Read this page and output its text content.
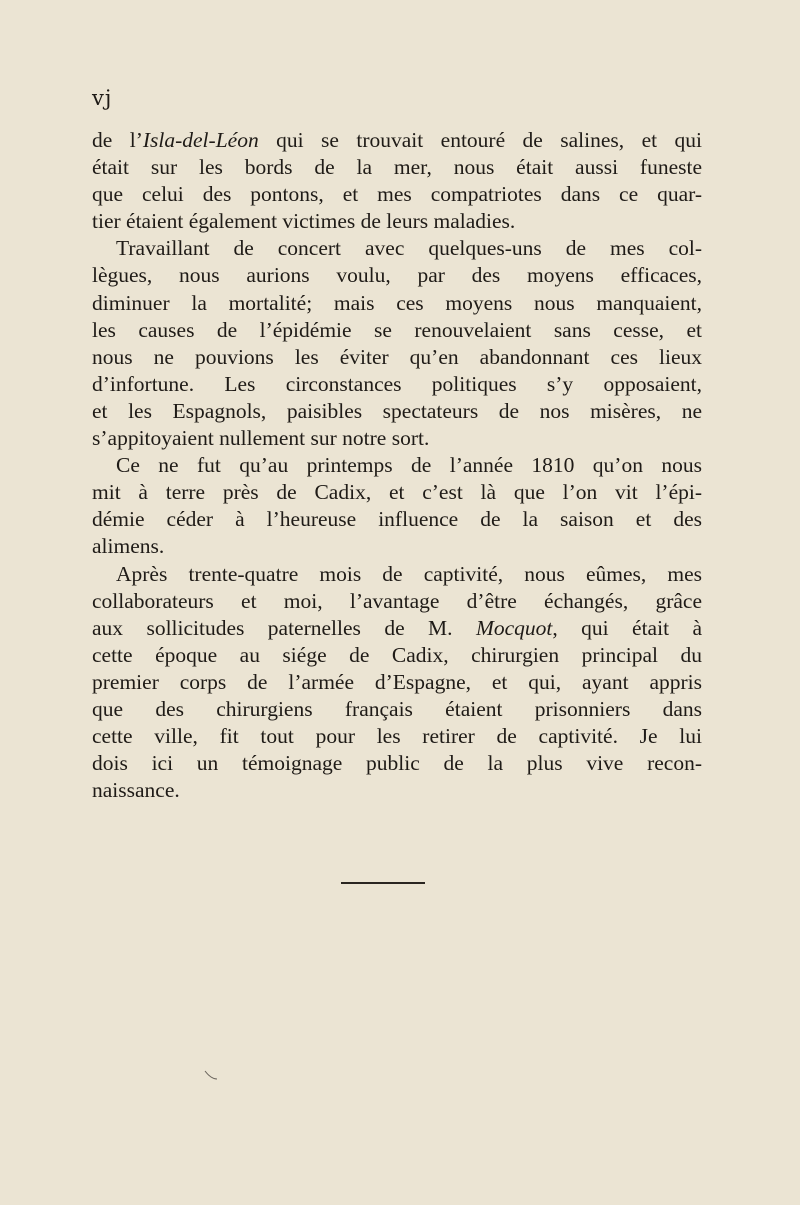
vj
de l’Isla-del-Léon qui se trouvait entouré de salines, et qui
était sur les bords de la mer, nous était aussi funeste
que celui des pontons, et mes compatriotes dans ce quar-
tier étaient également victimes de leurs maladies.
Travaillant de concert avec quelques-uns de mes col-
lègues, nous aurions voulu, par des moyens efficaces,
diminuer la mortalité; mais ces moyens nous manquaient,
les causes de l’épidémie se renouvelaient sans cesse, et
nous ne pouvions les éviter qu’en abandonnant ces lieux
d’infortune. Les circonstances politiques s’y opposaient,
et les Espagnols, paisibles spectateurs de nos misères, ne
s’appitoyaient nullement sur notre sort.
Ce ne fut qu’au printemps de l’année 1810 qu’on nous
mit à terre près de Cadix, et c’est là que l’on vit l’épi-
démie céder à l’heureuse influence de la saison et des
alimens.
Après trente-quatre mois de captivité, nous eûmes, mes
collaborateurs et moi, l’avantage d’être échangés, grâce
aux sollicitudes paternelles de M. Mocquot, qui était à
cette époque au siége de Cadix, chirurgien principal du
premier corps de l’armée d’Espagne, et qui, ayant appris
que des chirurgiens français étaient prisonniers dans
cette ville, fit tout pour les retirer de captivité. Je lui
dois ici un témoignage public de la plus vive recon-
naissance.
